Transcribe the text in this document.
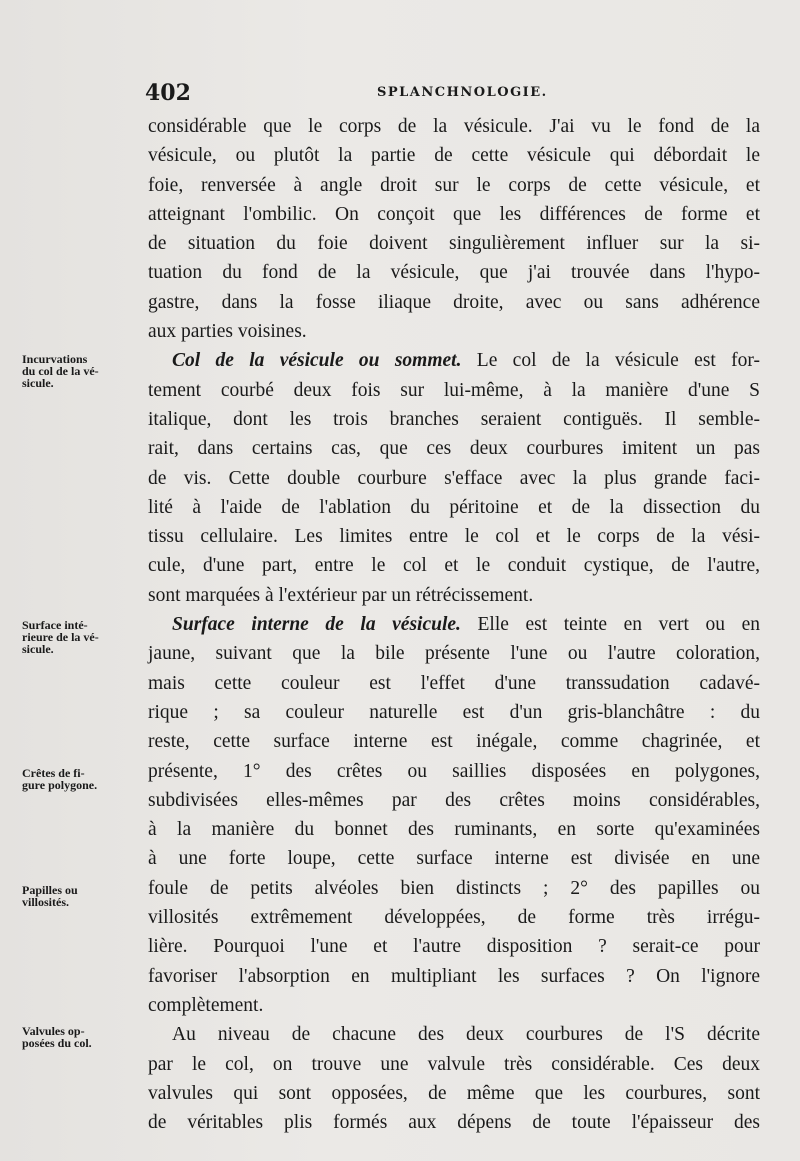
402	SPLANCHNOLOGIE.
Incurvations
du col de la vé-
sicule.
Surface inté-
rieure de la vé-
sicule.
Crêtes de fi-
gure polygone.
Papilles ou
villosités.
Valvules op-
posées du col.
considérable que le corps de la vésicule. J'ai vu le fond de la
vésicule, ou plutôt la partie de cette vésicule qui débordait le
foie, renversée à angle droit sur le corps de cette vésicule, et
atteignant l'ombilic. On conçoit que les différences de forme et
de situation du foie doivent singulièrement influer sur la si-
tuation du fond de la vésicule, que j'ai trouvée dans l'hypo-
gastre, dans la fosse iliaque droite, avec ou sans adhérence
aux parties voisines.
Col de la vésicule ou sommet. Le col de la vésicule est for-
tement courbé deux fois sur lui-même, à la manière d'une S
italique, dont les trois branches seraient contiguës. Il semble-
rait, dans certains cas, que ces deux courbures imitent un pas
de vis. Cette double courbure s'efface avec la plus grande faci-
lité à l'aide de l'ablation du péritoine et de la dissection du
tissu cellulaire. Les limites entre le col et le corps de la vési-
cule, d'une part, entre le col et le conduit cystique, de l'autre,
sont marquées à l'extérieur par un rétrécissement.
Surface interne de la vésicule. Elle est teinte en vert ou en
jaune, suivant que la bile présente l'une ou l'autre coloration,
mais cette couleur est l'effet d'une transsudation cadavé-
rique ; sa couleur naturelle est d'un gris-blanchâtre : du
reste, cette surface interne est inégale, comme chagrinée, et
présente, 1° des crêtes ou saillies disposées en polygones,
subdivisées elles-mêmes par des crêtes moins considérables,
à la manière du bonnet des ruminants, en sorte qu'examinées
à une forte loupe, cette surface interne est divisée en une
foule de petits alvéoles bien distincts ; 2° des papilles ou
villosités extrêmement développées, de forme très irrégu-
lière. Pourquoi l'une et l'autre disposition ? serait-ce pour
favoriser l'absorption en multipliant les surfaces ? On l'ignore
complètement.
Au niveau de chacune des deux courbures de l'S décrite
par le col, on trouve une valvule très considérable. Ces deux
valvules qui sont opposées, de même que les courbures, sont
de véritables plis formés aux dépens de toute l'épaisseur des
